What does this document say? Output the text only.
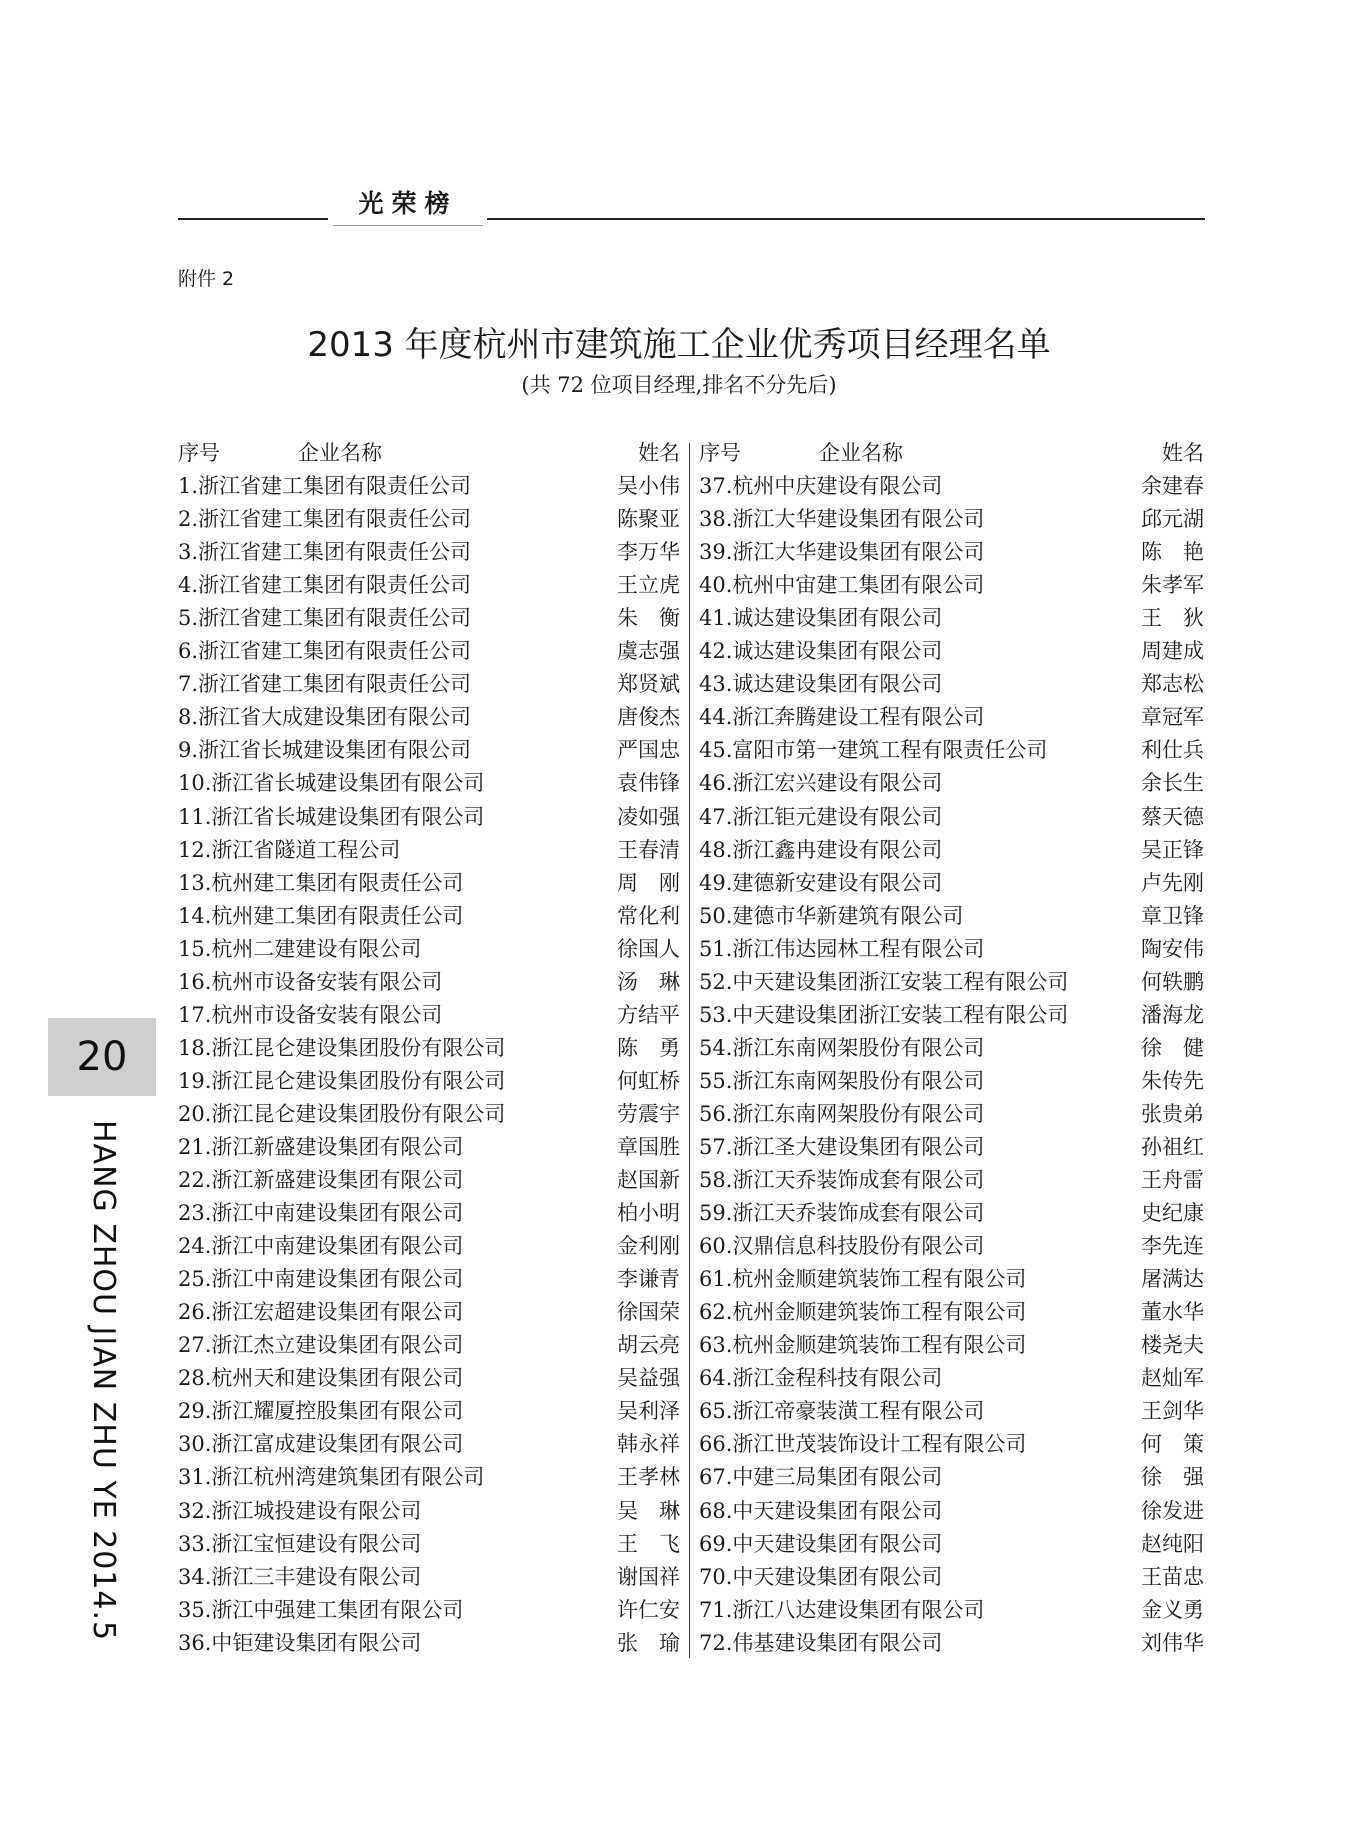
光荣榜
附件 2
2013 年度杭州市建筑施工企业优秀项目经理名单
(共 72 位项目经理,排名不分先后)
序号	企业名称	姓名
1.浙江省建工集团有限责任公司	吴小伟
2.浙江省建工集团有限责任公司	陈聚亚
3.浙江省建工集团有限责任公司	李万华
4.浙江省建工集团有限责任公司	王立虎
5.浙江省建工集团有限责任公司	朱　衡
6.浙江省建工集团有限责任公司	虞志强
7.浙江省建工集团有限责任公司	郑贤斌
8.浙江省大成建设集团有限公司	唐俊杰
9.浙江省长城建设集团有限公司	严国忠
10.浙江省长城建设集团有限公司	袁伟锋
11.浙江省长城建设集团有限公司	凌如强
12.浙江省隧道工程公司	王春清
13.杭州建工集团有限责任公司	周　刚
14.杭州建工集团有限责任公司	常化利
15.杭州二建建设有限公司	徐国人
16.杭州市设备安装有限公司	汤　琳
17.杭州市设备安装有限公司	方结平
18.浙江昆仑建设集团股份有限公司	陈　勇
19.浙江昆仑建设集团股份有限公司	何虹桥
20.浙江昆仑建设集团股份有限公司	劳震宇
21.浙江新盛建设集团有限公司	章国胜
22.浙江新盛建设集团有限公司	赵国新
23.浙江中南建设集团有限公司	柏小明
24.浙江中南建设集团有限公司	金利刚
25.浙江中南建设集团有限公司	李谦青
26.浙江宏超建设集团有限公司	徐国荣
27.浙江杰立建设集团有限公司	胡云亮
28.杭州天和建设集团有限公司	吴益强
29.浙江耀厦控股集团有限公司	吴利泽
30.浙江富成建设集团有限公司	韩永祥
31.浙江杭州湾建筑集团有限公司	王孝林
32.浙江城投建设有限公司	吴　琳
33.浙江宝恒建设有限公司	王　飞
34.浙江三丰建设有限公司	谢国祥
35.浙江中强建工集团有限公司	许仁安
36.中钜建设集团有限公司	张　瑜
序号	企业名称	姓名
37.杭州中庆建设有限公司	余建春
38.浙江大华建设集团有限公司	邱元湖
39.浙江大华建设集团有限公司	陈　艳
40.杭州中宙建工集团有限公司	朱孝军
41.诚达建设集团有限公司	王　狄
42.诚达建设集团有限公司	周建成
43.诚达建设集团有限公司	郑志松
44.浙江奔腾建设工程有限公司	章冠军
45.富阳市第一建筑工程有限责任公司	利仕兵
46.浙江宏兴建设有限公司	余长生
47.浙江钜元建设有限公司	蔡天德
48.浙江鑫冉建设有限公司	吴正锋
49.建德新安建设有限公司	卢先刚
50.建德市华新建筑有限公司	章卫锋
51.浙江伟达园林工程有限公司	陶安伟
52.中天建设集团浙江安装工程有限公司	何轶鹏
53.中天建设集团浙江安装工程有限公司	潘海龙
54.浙江东南网架股份有限公司	徐　健
55.浙江东南网架股份有限公司	朱传先
56.浙江东南网架股份有限公司	张贵弟
57.浙江圣大建设集团有限公司	孙祖红
58.浙江天乔装饰成套有限公司	王舟雷
59.浙江天乔装饰成套有限公司	史纪康
60.汉鼎信息科技股份有限公司	李先连
61.杭州金顺建筑装饰工程有限公司	屠满达
62.杭州金顺建筑装饰工程有限公司	董水华
63.杭州金顺建筑装饰工程有限公司	楼尧夫
64.浙江金程科技有限公司	赵灿军
65.浙江帝豪装潢工程有限公司	王剑华
66.浙江世茂装饰设计工程有限公司	何　策
67.中建三局集团有限公司	徐　强
68.中天建设集团有限公司	徐发进
69.中天建设集团有限公司	赵纯阳
70.中天建设集团有限公司	王苗忠
71.浙江八达建设集团有限公司	金义勇
72.伟基建设集团有限公司	刘伟华
20
HANG ZHOU JIAN ZHU YE 2014.5
